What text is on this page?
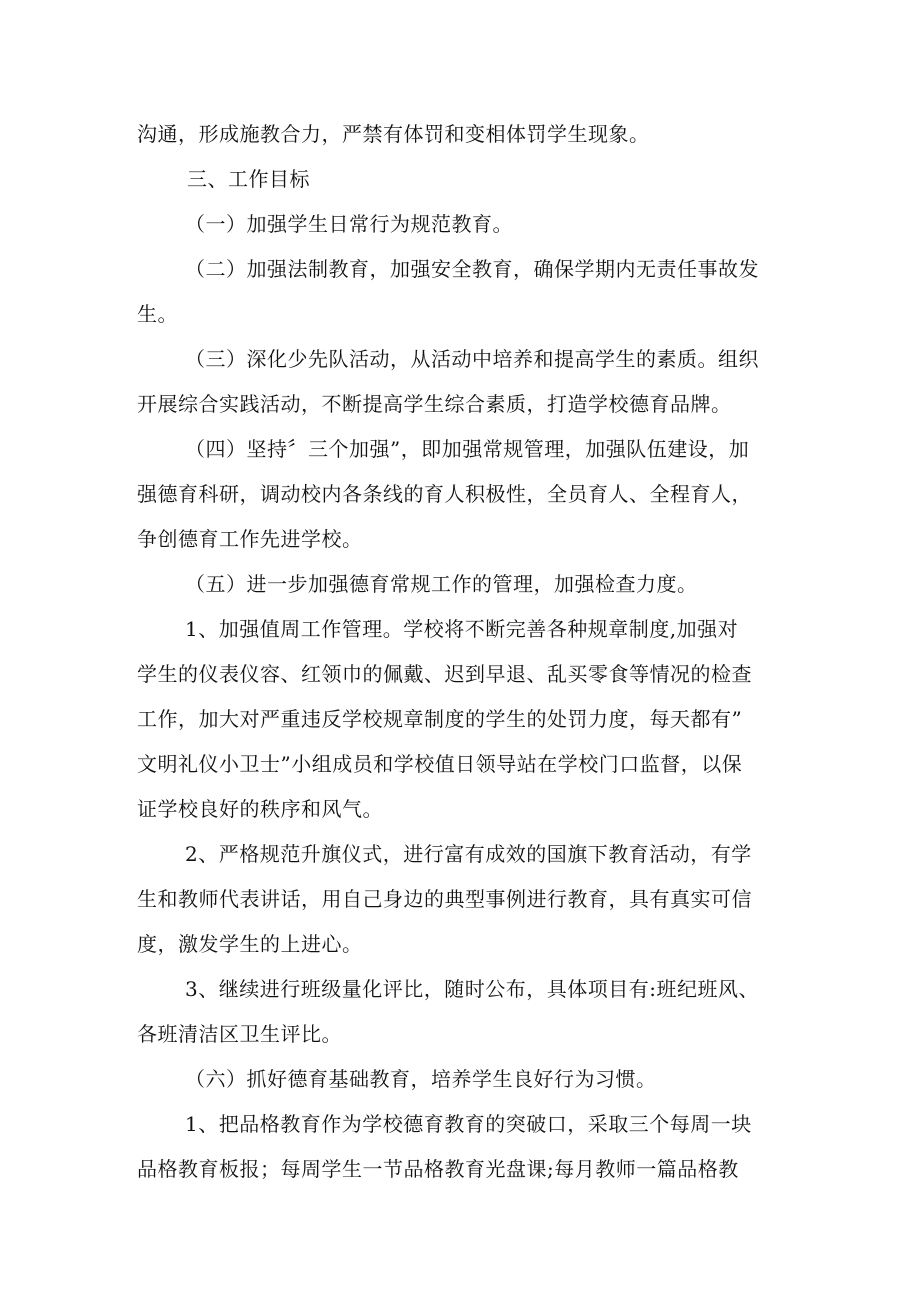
沟通，形成施教合力，严禁有体罚和变相体罚学生现象。
三、工作目标
（一）加强学生日常行为规范教育。
（二）加强法制教育，加强安全教育，确保学期内无责任事故发
生。
（三）深化少先队活动，从活动中培养和提高学生的素质。组织
开展综合实践活动，不断提高学生综合素质，打造学校德育品牌。
（四）坚持〞三个加强”，即加强常规管理，加强队伍建设，加
强德育科研，调动校内各条线的育人积极性，全员育人、全程育人，
争创德育工作先进学校。
（五）进一步加强德育常规工作的管理，加强检查力度。
1、加强值周工作管理。学校将不断完善各种规章制度,加强对
学生的仪表仪容、红领巾的佩戴、迟到早退、乱买零食等情况的检查
工作，加大对严重违反学校规章制度的学生的处罚力度，每天都有”
文明礼仪小卫士”小组成员和学校值日领导站在学校门口监督，以保
证学校良好的秩序和风气。
2、严格规范升旗仪式，进行富有成效的国旗下教育活动，有学
生和教师代表讲话，用自己身边的典型事例进行教育，具有真实可信
度，激发学生的上进心。
3、继续进行班级量化评比，随时公布，具体项目有:班纪班风、
各班清洁区卫生评比。
（六）抓好德育基础教育，培养学生良好行为习惯。
1、把品格教育作为学校德育教育的突破口，采取三个每周一块
品格教育板报；每周学生一节品格教育光盘课;每月教师一篇品格教
